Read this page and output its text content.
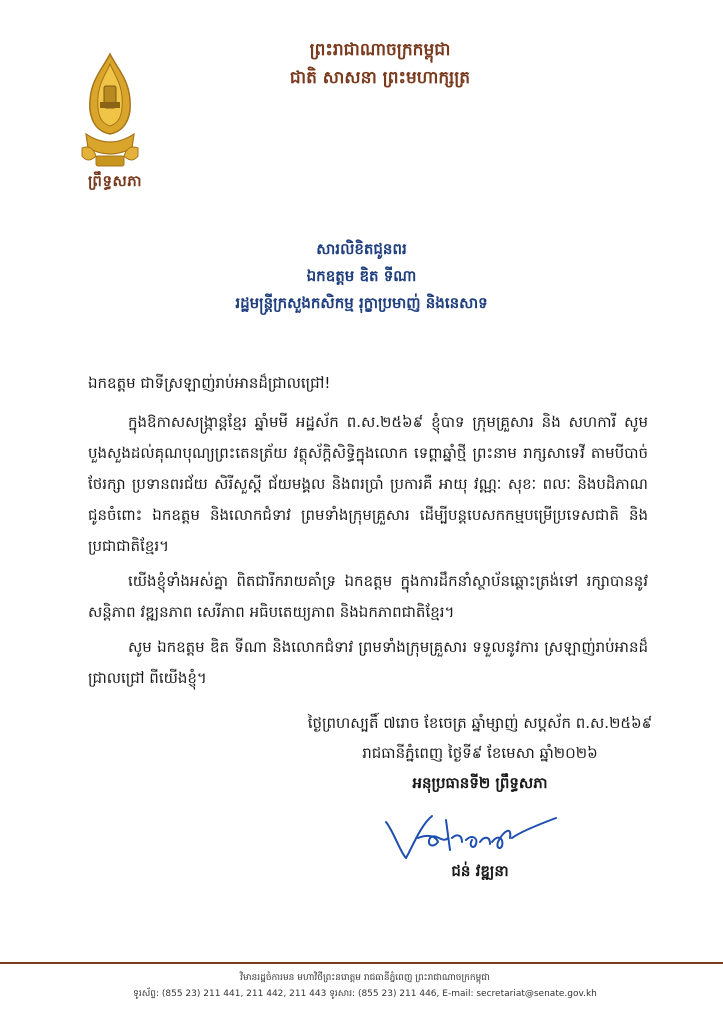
ព្រឹទ្ធសភា
ព្រះរាជាណាចក្រកម្ពុជា
ជាតិ សាសនា ព្រះមហាក្សត្រ
សារលិខិតជូនពរ
ឯកឧត្តម ឌិត ទីណា
រដ្ឋមន្ត្រីក្រសួងកសិកម្ម រុក្ខាប្រមាញ់ និងនេសាទ

ឯកឧត្តម ជាទីស្រឡាញ់រាប់អានដ៏ជ្រាលជ្រៅ!

ក្នុងឱកាសសង្ក្រាន្តខ្មែរ ឆ្នាំមមី អដ្ឋស័ក ព.ស.២៥៦៩ ខ្ញុំបាទ ក្រុមគ្រួសារ និង សហការី សូមបួងសួងដល់គុណបុណ្យព្រះតេនត្រ័យ វត្ថុស័ក្តិសិទ្ធិក្នុងលោក ទេព្តាឆ្នាំថ្មី ព្រះនាម រាក្សសាទេវី តាមបីបាច់ថែរក្សា ប្រទានពរជ័យ សិរីសួស្តី ជ័យមង្គល និងពរប្រាំ ប្រការគឺ អាយុ វណ្ណៈ សុខៈ ពលៈ និងបដិភាណ ជូនចំពោះ ឯកឧត្តម និងលោកជំទាវ ព្រមទាំងក្រុមគ្រួសារ ដើម្បីបន្តបេសកកម្មបម្រើប្រទេសជាតិ និងប្រជាជាតិខ្មែរ។

យើងខ្ញុំទាំងអស់គ្នា ពិតជារីករាយគាំទ្រ ឯកឧត្តម ក្នុងការដឹកនាំស្ថាប័នឆ្ពោះត្រង់ទៅ រក្សាបាននូវសន្តិភាព វឌ្ឍនភាព សេរីភាព អធិបតេយ្យភាព និងឯកភាពជាតិខ្មែរ។

សូម ឯកឧត្តម ឌិត ទីណា និងលោកជំទាវ ព្រមទាំងក្រុមគ្រួសារ ទទួលនូវការ ស្រឡាញ់រាប់អានដ៏ជ្រាលជ្រៅ ពីយើងខ្ញុំ។

ថ្ងៃព្រហស្បតិ៍ ៧រោច ខែចេត្រ ឆ្នាំម្សាញ់ សប្តស័ក ព.ស.២៥៦៩
រាជធានីភ្នំពេញ ថ្ងៃទី៩ ខែមេសា ឆ្នាំ២០២៦
អនុប្រធានទី២ ព្រឹទ្ធសភា
ជន់ វឌ្ឍនា
វិមានរដ្ឋចំការមន មហាវិថីព្រះនរោត្តម រាជធានីភ្នំពេញ ព្រះរាជាណាចក្រកម្ពុជា
ទូរស័ព្ទ: (855 23) 211 441, 211 442, 211 443 ទូរសារ: (855 23) 211 446, E-mail: secretariat@senate.gov.kh
